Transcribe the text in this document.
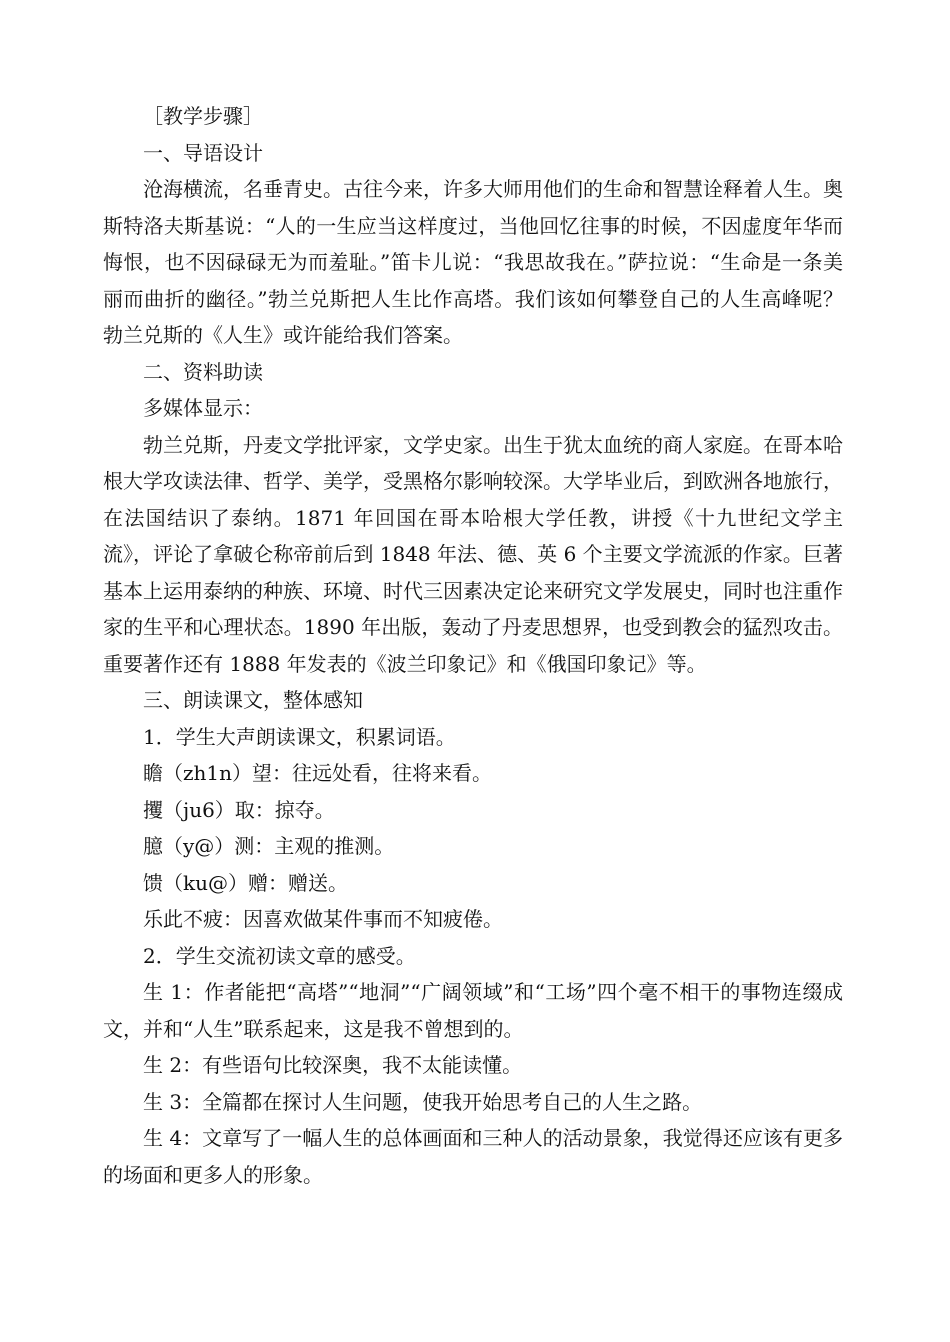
［教学步骤］

一、导语设计

沧海横流，名垂青史。古往今来，许多大师用他们的生命和智慧诠释着人生。奥斯特洛夫斯基说：“人的一生应当这样度过，当他回忆往事的时候，不因虚度年华而悔恨，也不因碌碌无为而羞耻。”笛卡儿说：“我思故我在。”萨拉说：“生命是一条美丽而曲折的幽径。”勃兰兑斯把人生比作高塔。我们该如何攀登自己的人生高峰呢？勃兰兑斯的《人生》或许能给我们答案。

二、资料助读

多媒体显示：

勃兰兑斯，丹麦文学批评家，文学史家。出生于犹太血统的商人家庭。在哥本哈根大学攻读法律、哲学、美学，受黑格尔影响较深。大学毕业后，到欧洲各地旅行，在法国结识了泰纳。1871 年回国在哥本哈根大学任教，讲授《十九世纪文学主流》，评论了拿破仑称帝前后到 1848 年法、德、英 6 个主要文学流派的作家。巨著基本上运用泰纳的种族、环境、时代三因素决定论来研究文学发展史，同时也注重作家的生平和心理状态。1890 年出版，轰动了丹麦思想界，也受到教会的猛烈攻击。重要著作还有 1888 年发表的《波兰印象记》和《俄国印象记》等。

三、朗读课文，整体感知

1．学生大声朗读课文，积累词语。

瞻（zh1n）望：往远处看，往将来看。

攫（ju6）取：掠夺。

臆（y@）测：主观的推测。

馈（ku@）赠：赠送。

乐此不疲：因喜欢做某件事而不知疲倦。

2．学生交流初读文章的感受。

生 1：作者能把“高塔”“地洞”“广阔领域”和“工场”四个毫不相干的事物连缀成文，并和“人生”联系起来，这是我不曾想到的。

生 2：有些语句比较深奥，我不太能读懂。

生 3：全篇都在探讨人生问题，使我开始思考自己的人生之路。

生 4：文章写了一幅人生的总体画面和三种人的活动景象，我觉得还应该有更多的场面和更多人的形象。
